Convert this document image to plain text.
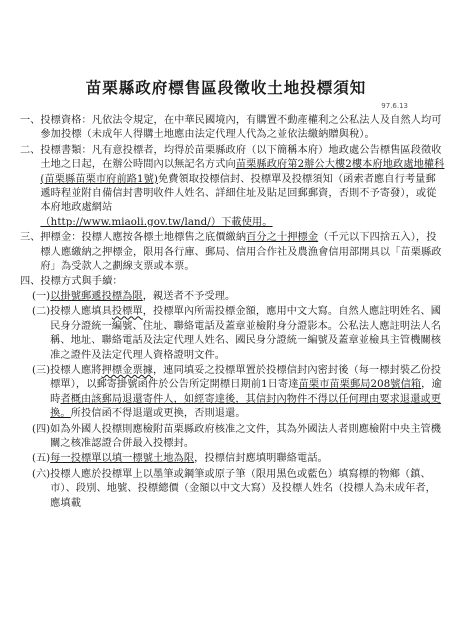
苗栗縣政府標售區段徵收土地投標須知
97.6.13
一、 投標資格：凡依法令規定，在中華民國境內，有購置不動產權利之公私法人及自然人均可參加投標（未成年人得購土地應由法定代理人代為之並依法繳納贈與稅）。
二、 投標書類：凡有意投標者，均得於苗栗縣政府（以下簡稱本府）地政處公告標售區段徵收土地之日起，在辦公時間內以無記名方式向苗栗縣政府第2辦公大樓2樓本府地政處地權科(苗栗縣苗栗市府前路1號)免費領取投標信封、投標單及投標須知（函索者應自行考量郵遞時程並附自備信封書明收件人姓名、詳細住址及貼足回郵郵資，否則不予寄發），或從本府地政處網站
（http://www.miaoli.gov.tw/land/）下載使用。
三、 押標金：投標人應按各標土地標售之底價繳納百分之十押標金（千元以下四捨五入），投標人應繳納之押標金，限用各行庫、郵局、信用合作社及農漁會信用部開具以「苗栗縣政府」為受款人之劃線支票或本票。
四、 投標方式與手續：
(一) 以掛號郵遞投標為限，親送者不予受理。
(二) 投標人應填具投標單，投標單內所需投標金額，應用中文大寫。自然人應註明姓名、國民身分證統一編號、住址、聯絡電話及蓋章並檢附身分證影本。公私法人應註明法人名稱、地址、聯絡電話及法定代理人姓名、國民身分證統一編號及蓋章並檢具主管機關核准之證件及法定代理人資格證明文件。
(三) 投標人應將押標金票據，連同填妥之投標單置於投標信封內密封後（每一標封裝乙份投標單），以郵寄掛號函件於公告所定開標日期前1日寄達苗栗市苗栗郵局208號信箱，逾時者概由該郵局退還寄件人，如經寄達後，其信封內物件不得以任何理由要求退還或更換。所投信函不得退還或更換，否則退還。
(四) 如為外國人投標則應檢附苗栗縣政府核准之文件，其為外國法人者則應檢附中央主管機關之核准認證合併最入投標封。
(五) 每一投標單以填一標號土地為限，投標信封應填明聯絡電話。
(六) 投標人應於投標單上以墨筆或鋼筆或原子筆（限用黑色或藍色）填寫標的物鄉（鎮、市）、段別、地號、投標總價（金額以中文大寫）及投標人姓名（投標人為未成年者，應填載
